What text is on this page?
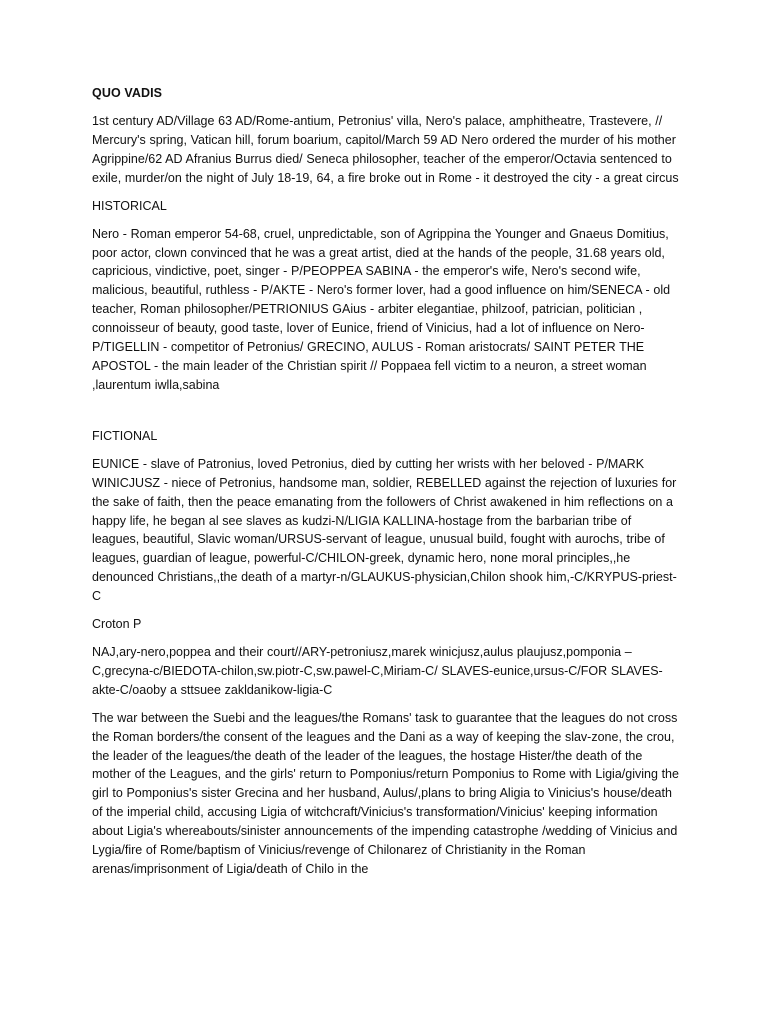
QUO VADIS
1st century AD/Village 63 AD/Rome-antium, Petronius' villa, Nero's palace, amphitheatre, Trastevere, // Mercury's spring, Vatican hill, forum boarium, capitol/March 59 AD Nero ordered the murder of his mother Agrippine/62 AD Afranius Burrus died/ Seneca philosopher, teacher of the emperor/Octavia sentenced to exile, murder/on the night of July 18-19, 64, a fire broke out in Rome - it destroyed the city - a great circus
HISTORICAL
Nero - Roman emperor 54-68, cruel, unpredictable, son of Agrippina the Younger and Gnaeus Domitius, poor actor, clown convinced that he was a great artist, died at the hands of the people, 31.68 years old, capricious, vindictive, poet, singer - P/PEOPPEA SABINA - the emperor's wife, Nero's second wife, malicious, beautiful, ruthless - P/AKTE - Nero's former lover, had a good influence on him/SENECA - old teacher, Roman philosopher/PETRIONIUS GAius - arbiter elegantiae, philzoof, patrician, politician , connoisseur of beauty, good taste, lover of Eunice, friend of Vinicius, had a lot of influence on Nero-P/TIGELLIN - competitor of Petronius/ GRECINO, AULUS - Roman aristocrats/ SAINT PETER THE APOSTOL - the main leader of the Christian spirit // Poppaea fell victim to a neuron, a street woman ,laurentum iwlla,sabina
FICTIONAL
EUNICE - slave of Patronius, loved Petronius, died by cutting her wrists with her beloved - P/MARK WINICJUSZ - niece of Petronius, handsome man, soldier, REBELLED against the rejection of luxuries for the sake of faith, then the peace emanating from the followers of Christ awakened in him reflections on a happy life, he began al see slaves as kudzi-N/LIGIA KALLINA-hostage from the barbarian tribe of leagues, beautiful, Slavic woman/URSUS-servant of league, unusual build, fought with aurochs, tribe of leagues, guardian of league, powerful-C/CHILON-greek, dynamic hero, none moral principles,,he denounced Christians,,the death of a martyr-n/GLAUKUS-physician,Chilon shook him,-C/KRYPUS-priest-C
Croton P
NAJ,ary-nero,poppea and their court//ARY-petroniusz,marek winicjusz,aulus plaujusz,pomponia – C,grecyna-c/BIEDOTA-chilon,sw.piotr-C,sw.pawel-C,Miriam-C/ SLAVES-eunice,ursus-C/FOR SLAVES-akte-C/oaoby a sttsuee zakldanikow-ligia-C
The war between the Suebi and the leagues/the Romans' task to guarantee that the leagues do not cross the Roman borders/the consent of the leagues and the Dani as a way of keeping the slav-zone, the crou, the leader of the leagues/the death of the leader of the leagues, the hostage Hister/the death of the mother of the Leagues, and the girls' return to Pomponius/return Pomponius to Rome with Ligia/giving the girl to Pomponius's sister Grecina and her husband, Aulus/,plans to bring Aligia to Vinicius's house/death of the imperial child, accusing Ligia of witchcraft/Vinicius's transformation/Vinicius' keeping information about Ligia's whereabouts/sinister announcements of the impending catastrophe /wedding of Vinicius and Lygia/fire of Rome/baptism of Vinicius/revenge of Chilonarez of Christianity in the Roman arenas/imprisonment of Ligia/death of Chilo in the
